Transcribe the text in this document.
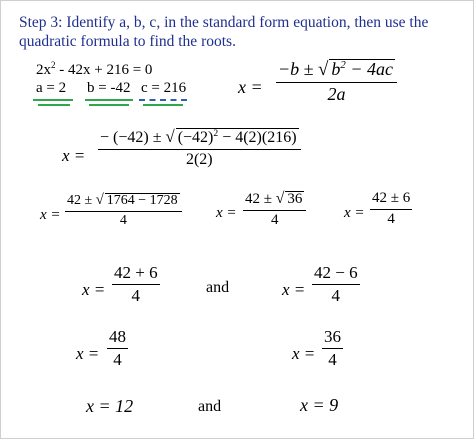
Step 3: Identify a, b, c, in the standard form equation, then use the
quadratic formula to find the roots.
$2x^2 - 42x + 216 = 0$
a = 2 b = -42 c = 216	x =
−b ± √ $b^2 - 4ac$
2a
x =
− (−42) ± √ $(-42)^2 - 4(2)(216)$
2(2)
x =
42 ± √ 1764 − 1728
4	x =
42 ± √ 36
4	x =
42 ± 6
4
x =
42 + 6
4	and	x =
42 − 6
4
x =
48
4	x =
36
4
x = 12	and	x = 9
